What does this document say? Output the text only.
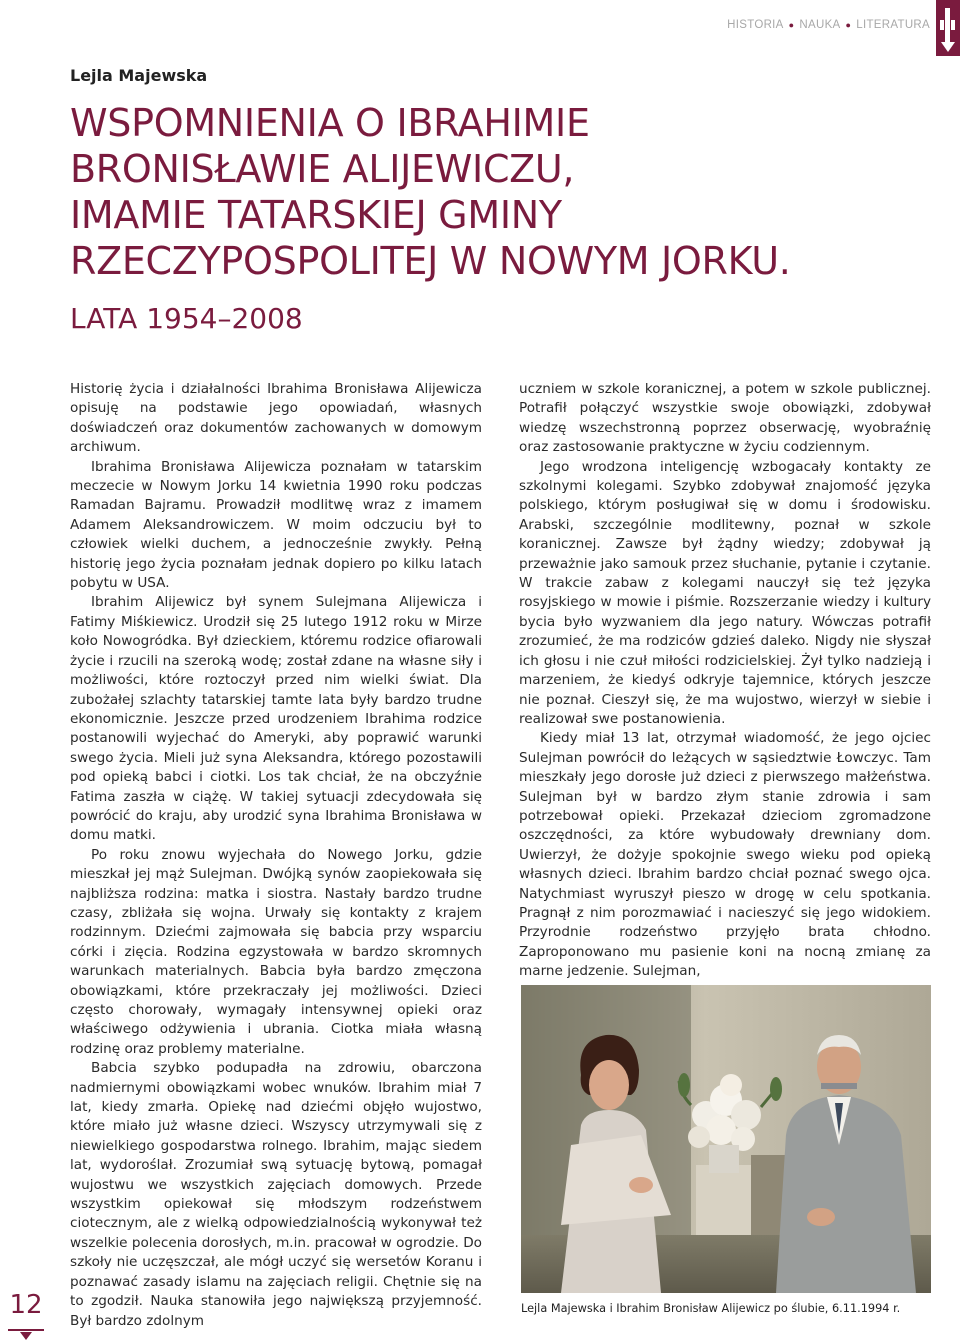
HISTORIA ● NAUKA ● LITERATURA

Lejla Majewska

WSPOMNIENIA O IBRAHIMIE
BRONISŁAWIE ALIJEWICZU,
IMAMIE TATARSKIEJ GMINY
RZECZYPOSPOLITEJ W NOWYM JORKU.
LATA 1954–2008

Historię życia i działalności Ibrahima Bronisława Alijewicza opisuję na podstawie jego opowiadań, własnych doświadczeń oraz dokumentów zachowanych w domowym archiwum.

Ibrahima Bronisława Alijewicza poznałam w tatarskim meczecie w Nowym Jorku 14 kwietnia 1990 roku podczas Ramadan Bajramu. Prowadził modlitwę wraz z imamem Adamem Aleksandrowiczem. W moim odczuciu był to człowiek wielki duchem, a jednocześnie zwykły. Pełną historię jego życia poznałam jednak dopiero po kilku latach pobytu w USA.

Ibrahim Alijewicz był synem Sulejmana Alijewicza i Fatimy Miśkiewicz. Urodził się 25 lutego 1912 roku w Mirze koło Nowogródka. Był dzieckiem, któremu rodzice ofiarowali życie i rzucili na szeroką wodę; został zdane na własne siły i możliwości, które roztoczył przed nim wielki świat. Dla zubożałej szlachty tatarskiej tamte lata były bardzo trudne ekonomicznie. Jeszcze przed urodzeniem Ibrahima rodzice postanowili wyjechać do Ameryki, aby poprawić warunki swego życia. Mieli już syna Aleksandra, którego pozostawili pod opieką babci i ciotki. Los tak chciał, że na obczyźnie Fatima zaszła w ciążę. W takiej sytuacji zdecydowała się powrócić do kraju, aby urodzić syna Ibrahima Bronisława w domu matki.

Po roku znowu wyjechała do Nowego Jorku, gdzie mieszkał jej mąż Sulejman. Dwójką synów zaopiekowała się najbliższa rodzina: matka i siostra. Nastały bardzo trudne czasy, zbliżała się wojna. Urwały się kontakty z krajem rodzinnym. Dziećmi zajmowała się babcia przy wsparciu córki i zięcia. Rodzina egzystowała w bardzo skromnych warunkach materialnych. Babcia była bardzo zmęczona obowiązkami, które przekraczały jej możliwości. Dzieci często chorowały, wymagały intensywnej opieki oraz właściwego odżywienia i ubrania. Ciotka miała własną rodzinę oraz problemy materialne.

Babcia szybko podupadła na zdrowiu, obarczona nadmiernymi obowiązkami wobec wnuków. Ibrahim miał 7 lat, kiedy zmarła. Opiekę nad dziećmi objęło wujostwo, które miało już własne dzieci. Wszyscy utrzymywali się z niewielkiego gospodarstwa rolnego. Ibrahim, mając siedem lat, wydoroślał. Zrozumiał swą sytuację bytową, pomagał wujostwu we wszystkich zajęciach domowych. Przede wszystkim opiekował się młodszym rodzeństwem ciotecznym, ale z wielką odpowiedzialnością wykonywał też wszelkie polecenia dorosłych, m.in. pracował w ogrodzie. Do szkoły nie uczęszczał, ale mógł uczyć się wersetów Koranu i poznawać zasady islamu na zajęciach religii. Chętnie się na to zgodził. Nauka stanowiła jego największą przyjemność. Był bardzo zdolnym

uczniem w szkole koranicznej, a potem w szkole publicznej. Potrafił połączyć wszystkie swoje obowiązki, zdobywał wiedzę wszechstronną poprzez obserwację, wyobraźnię oraz zastosowanie praktyczne w życiu codziennym.

Jego wrodzona inteligencję wzbogacały kontakty ze szkolnymi kolegami. Szybko zdobywał znajomość języka polskiego, którym posługiwał się w domu i środowisku. Arabski, szczególnie modlitewny, poznał w szkole koranicznej. Zawsze był żądny wiedzy; zdobywał ją przeważnie jako samouk przez słuchanie, pytanie i czytanie. W trakcie zabaw z kolegami nauczył się też języka rosyjskiego w mowie i piśmie. Rozszerzanie wiedzy i kultury bycia było wyzwaniem dla jego natury. Wówczas potrafił zrozumieć, że ma rodziców gdzieś daleko. Nigdy nie słyszał ich głosu i nie czuł miłości rodzicielskiej. Żył tylko nadzieją i marzeniem, że kiedyś odkryje tajemnice, których jeszcze nie poznał. Cieszył się, że ma wujostwo, wierzył w siebie i realizował swe postanowienia.

Kiedy miał 13 lat, otrzymał wiadomość, że jego ojciec Sulejman powrócił do leżących w sąsiedztwie Łowczyc. Tam mieszkały jego dorosłe już dzieci z pierwszego małżeństwa. Sulejman był w bardzo złym stanie zdrowia i sam potrzebował opieki. Przekazał dzieciom zgromadzone oszczędności, za które wybudowały drewniany dom. Uwierzył, że dożyje spokojnie swego wieku pod opieką własnych dzieci. Ibrahim bardzo chciał poznać swego ojca. Natychmiast wyruszył pieszo w drogę w celu spotkania. Pragnął z nim porozmawiać i nacieszyć się jego widokiem. Przyrodnie rodzeństwo przyjęło brata chłodno. Zaproponowano mu pasienie koni na nocną zmianę za marne jedzenie. Sulejman,

Lejla Majewska i Ibrahim Bronisław Alijewicz po ślubie, 6.11.1994 r.

12
